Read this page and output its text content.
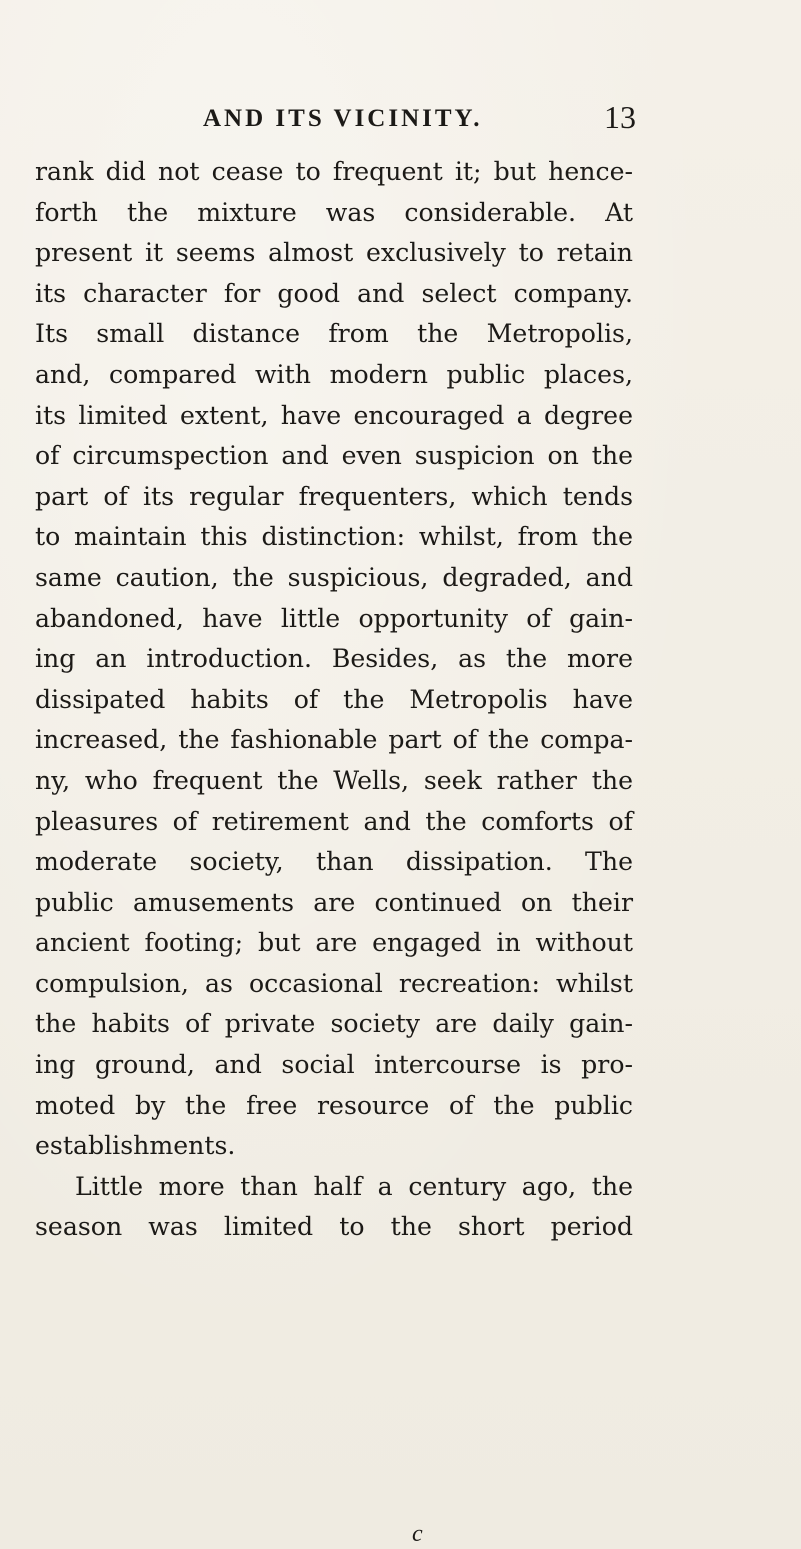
AND ITS VICINITY.	13
rank did not cease to frequent it; but hence-
forth the mixture was considerable. At
present it seems almost exclusively to retain
its character for good and select company.
Its small distance from the Metropolis,
and, compared with modern public places,
its limited extent, have encouraged a degree
of circumspection and even suspicion on the
part of its regular frequenters, which tends
to maintain this distinction: whilst, from the
same caution, the suspicious, degraded, and
abandoned, have little opportunity of gain-
ing an introduction. Besides, as the more
dissipated habits of the Metropolis have
increased, the fashionable part of the compa-
ny, who frequent the Wells, seek rather the
pleasures of retirement and the comforts of
moderate society, than dissipation. The
public amusements are continued on their
ancient footing; but are engaged in without
compulsion, as occasional recreation: whilst
the habits of private society are daily gain-
ing ground, and social intercourse is pro-
moted by the free resource of the public
establishments.
Little more than half a century ago, the
season was limited to the short period
c
